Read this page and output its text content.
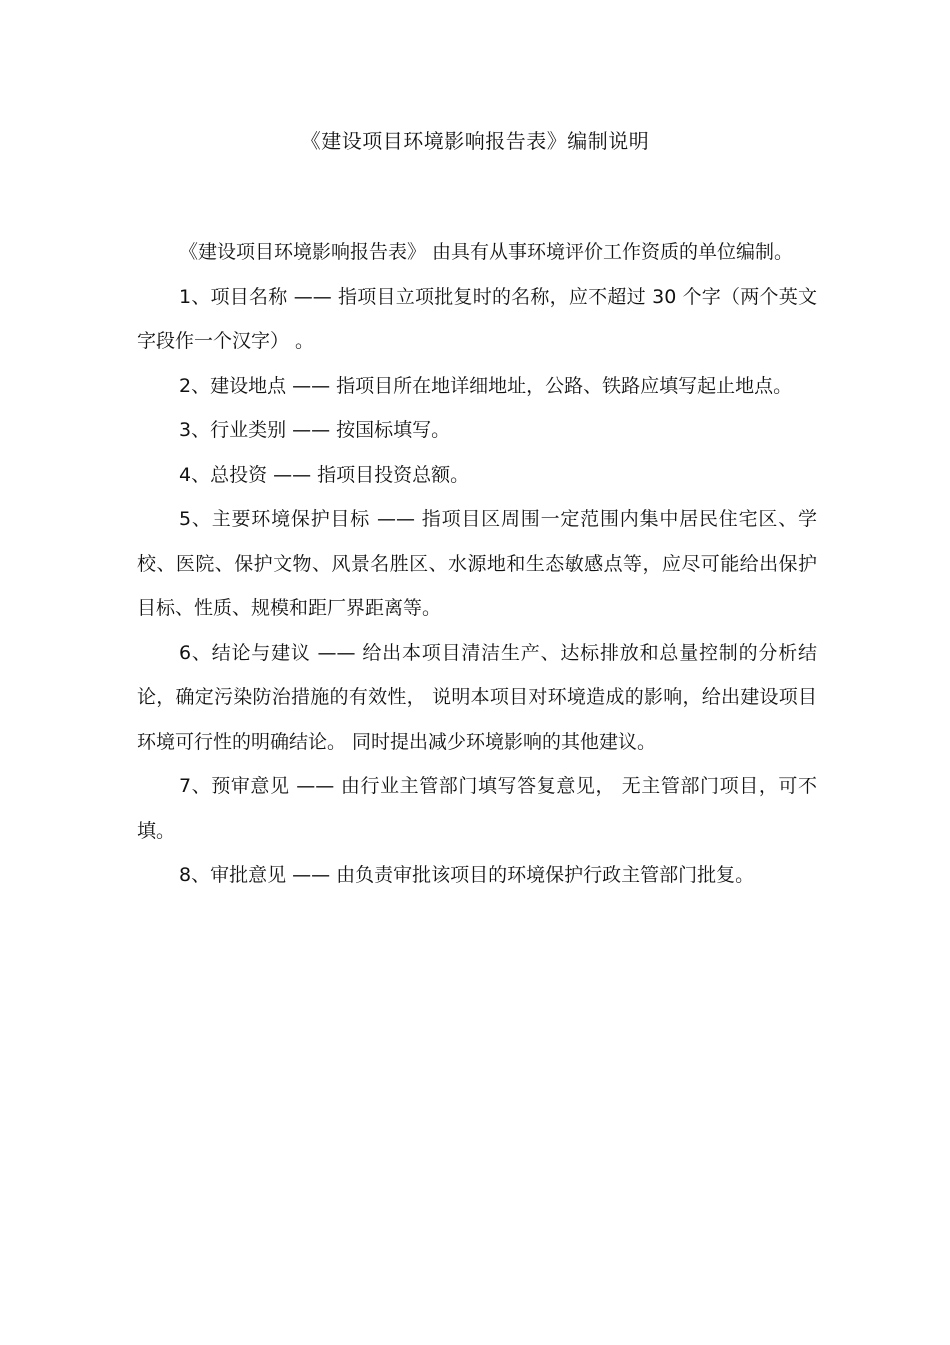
《建设项目环境影响报告表》编制说明

《建设项目环境影响报告表》 由具有从事环境评价工作资质的单位编制。

1、项目名称 —— 指项目立项批复时的名称，应不超过 30 个字（两个英文字段作一个汉字） 。

2、建设地点 —— 指项目所在地详细地址，公路、铁路应填写起止地点。

3、行业类别 —— 按国标填写。

4、总投资 —— 指项目投资总额。

5、主要环境保护目标 —— 指项目区周围一定范围内集中居民住宅区、学校、医院、保护文物、风景名胜区、水源地和生态敏感点等，应尽可能给出保护目标、性质、规模和距厂界距离等。

6、结论与建议 —— 给出本项目清洁生产、达标排放和总量控制的分析结论，确定污染防治措施的有效性， 说明本项目对环境造成的影响，给出建设项目环境可行性的明确结论。 同时提出减少环境影响的其他建议。

7、预审意见 —— 由行业主管部门填写答复意见， 无主管部门项目，可不填。

8、审批意见 —— 由负责审批该项目的环境保护行政主管部门批复。
